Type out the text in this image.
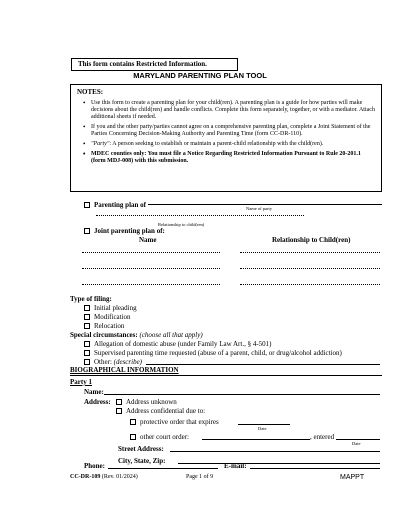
This form contains Restricted Information.
MARYLAND PARENTING PLAN TOOL
NOTES:
• Use this form to create a parenting plan for your child(ren). A parenting plan is a guide for how parties will make decisions about the child(ren) and handle conflicts. Complete this form separately, together, or with a mediator. Attach additional sheets if needed.
• If you and the other party/parties cannot agree on a comprehensive parenting plan, complete a Joint Statement of the Parties Concerning Decision-Making Authority and Parenting Time (form CC-DR-110).
• "Party": A person seeking to establish or maintain a parent-child relationship with the child(ren).
• MDEC counties only: You must file a Notice Regarding Restricted Information Pursuant to Rule 20-201.1 (form MDJ-008) with this submission.
Parenting plan of	Name of party
Relationship to child(ren)
Joint parenting plan of:
Name	Relationship to Child(ren)
Type of filing:
Initial pleading
Modification
Relocation
Special circumstances: (choose all that apply)
Allegation of domestic abuse (under Family Law Art., § 4-501)
Supervised parenting time requested (abuse of a parent, child, or drug/alcohol addiction)
Other: (describe)
BIOGRAPHICAL INFORMATION
Party 1
Name:
Address:	Address unknown
Address confidential due to:
protective order that expires
Date
other court order:	, entered
Date
Street Address:
City, State, Zip:
Phone:	E-mail:
CC-DR-109 (Rev. 01/2024)	Page 1 of 9	MAPPT
